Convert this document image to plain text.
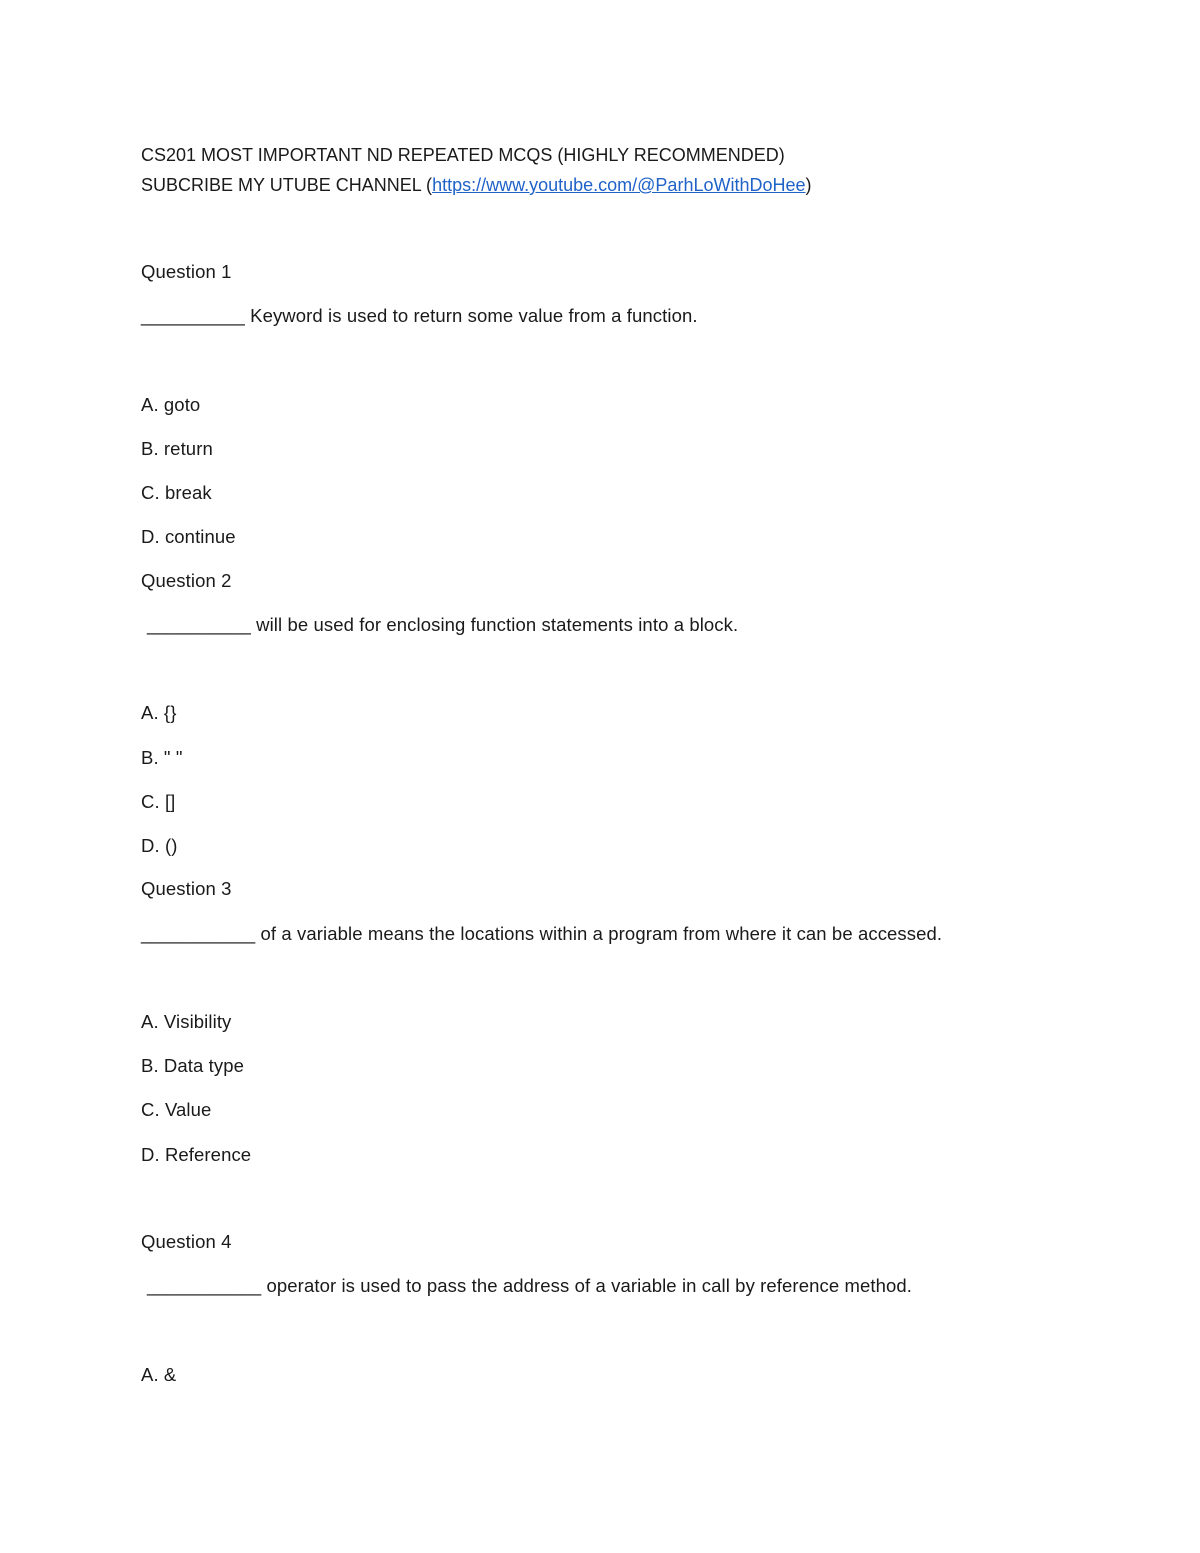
CS201 MOST IMPORTANT ND REPEATED MCQS (HIGHLY RECOMMENDED)
SUBCRIBE MY UTUBE CHANNEL (https://www.youtube.com/@ParhLoWithDoHee)
Question 1
__________ Keyword is used to return some value from a function.
A. goto
B. return
C. break
D. continue
Question 2
__________ will be used for enclosing function statements into a block.
A. {}
B. " "
C. []
D. ()
Question 3
___________ of a variable means the locations within a program from where it can be accessed.
A. Visibility
B. Data type
C. Value
D. Reference
Question 4
___________ operator is used to pass the address of a variable in call by reference method.
A. &
